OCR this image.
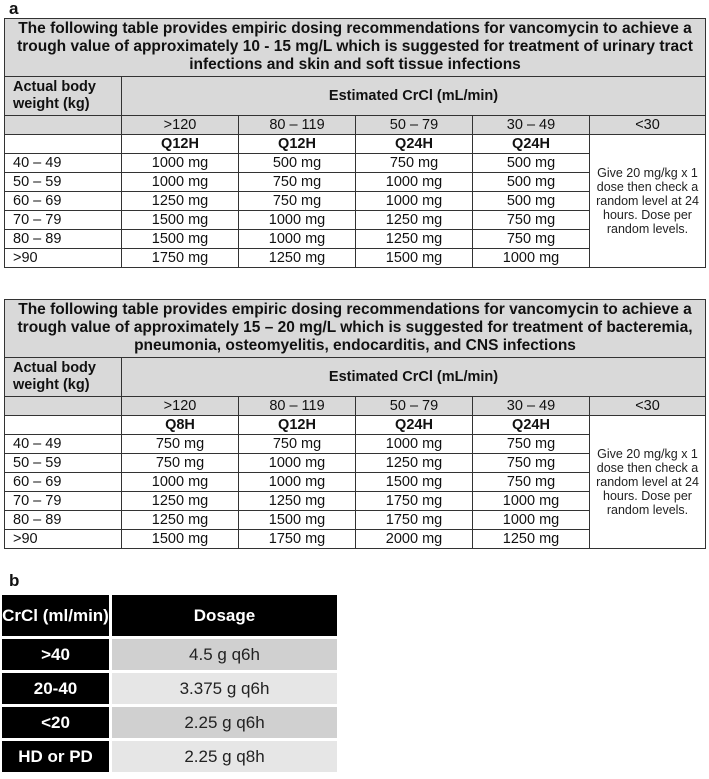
a
The following table provides empiric dosing recommendations for vancomycin to achieve a trough value of approximately 10 - 15 mg/L which is suggested for treatment of urinary tract infections and skin and soft tissue infections					
Actual body weight (kg)	Estimated CrCl (mL/min)				
	>120	80 – 119	50 – 79	30 – 49	<30
	Q12H	Q12H	Q24H	Q24H	Give 20 mg/kg x 1 dose then check a random level at 24 hours. Dose per random levels.
40 – 49	1000 mg	500 mg	750 mg	500 mg	
50 – 59	1000 mg	750 mg	1000 mg	500 mg	
60 – 69	1250 mg	750 mg	1000 mg	500 mg	
70 – 79	1500 mg	1000 mg	1250 mg	750 mg	
80 – 89	1500 mg	1000 mg	1250 mg	750 mg	
>90	1750 mg	1250 mg	1500 mg	1000 mg	
The following table provides empiric dosing recommendations for vancomycin to achieve a trough value of approximately 15 – 20 mg/L which is suggested for treatment of bacteremia, pneumonia, osteomyelitis, endocarditis, and CNS infections					
Actual body weight (kg)	Estimated CrCl (mL/min)				
	>120	80 – 119	50 – 79	30 – 49	<30
	Q8H	Q12H	Q24H	Q24H	Give 20 mg/kg x 1 dose then check a random level at 24 hours. Dose per random levels.
40 – 49	750 mg	750 mg	1000 mg	750 mg	
50 – 59	750 mg	1000 mg	1250 mg	750 mg	
60 – 69	1000 mg	1000 mg	1500 mg	750 mg	
70 – 79	1250 mg	1250 mg	1750 mg	1000 mg	
80 – 89	1250 mg	1500 mg	1750 mg	1000 mg	
>90	1500 mg	1750 mg	2000 mg	1250 mg	
b
CrCl (ml/min)	Dosage
>40	4.5 g q6h
20-40	3.375 g q6h
<20	2.25 g q6h
HD or PD	2.25 g q8h
